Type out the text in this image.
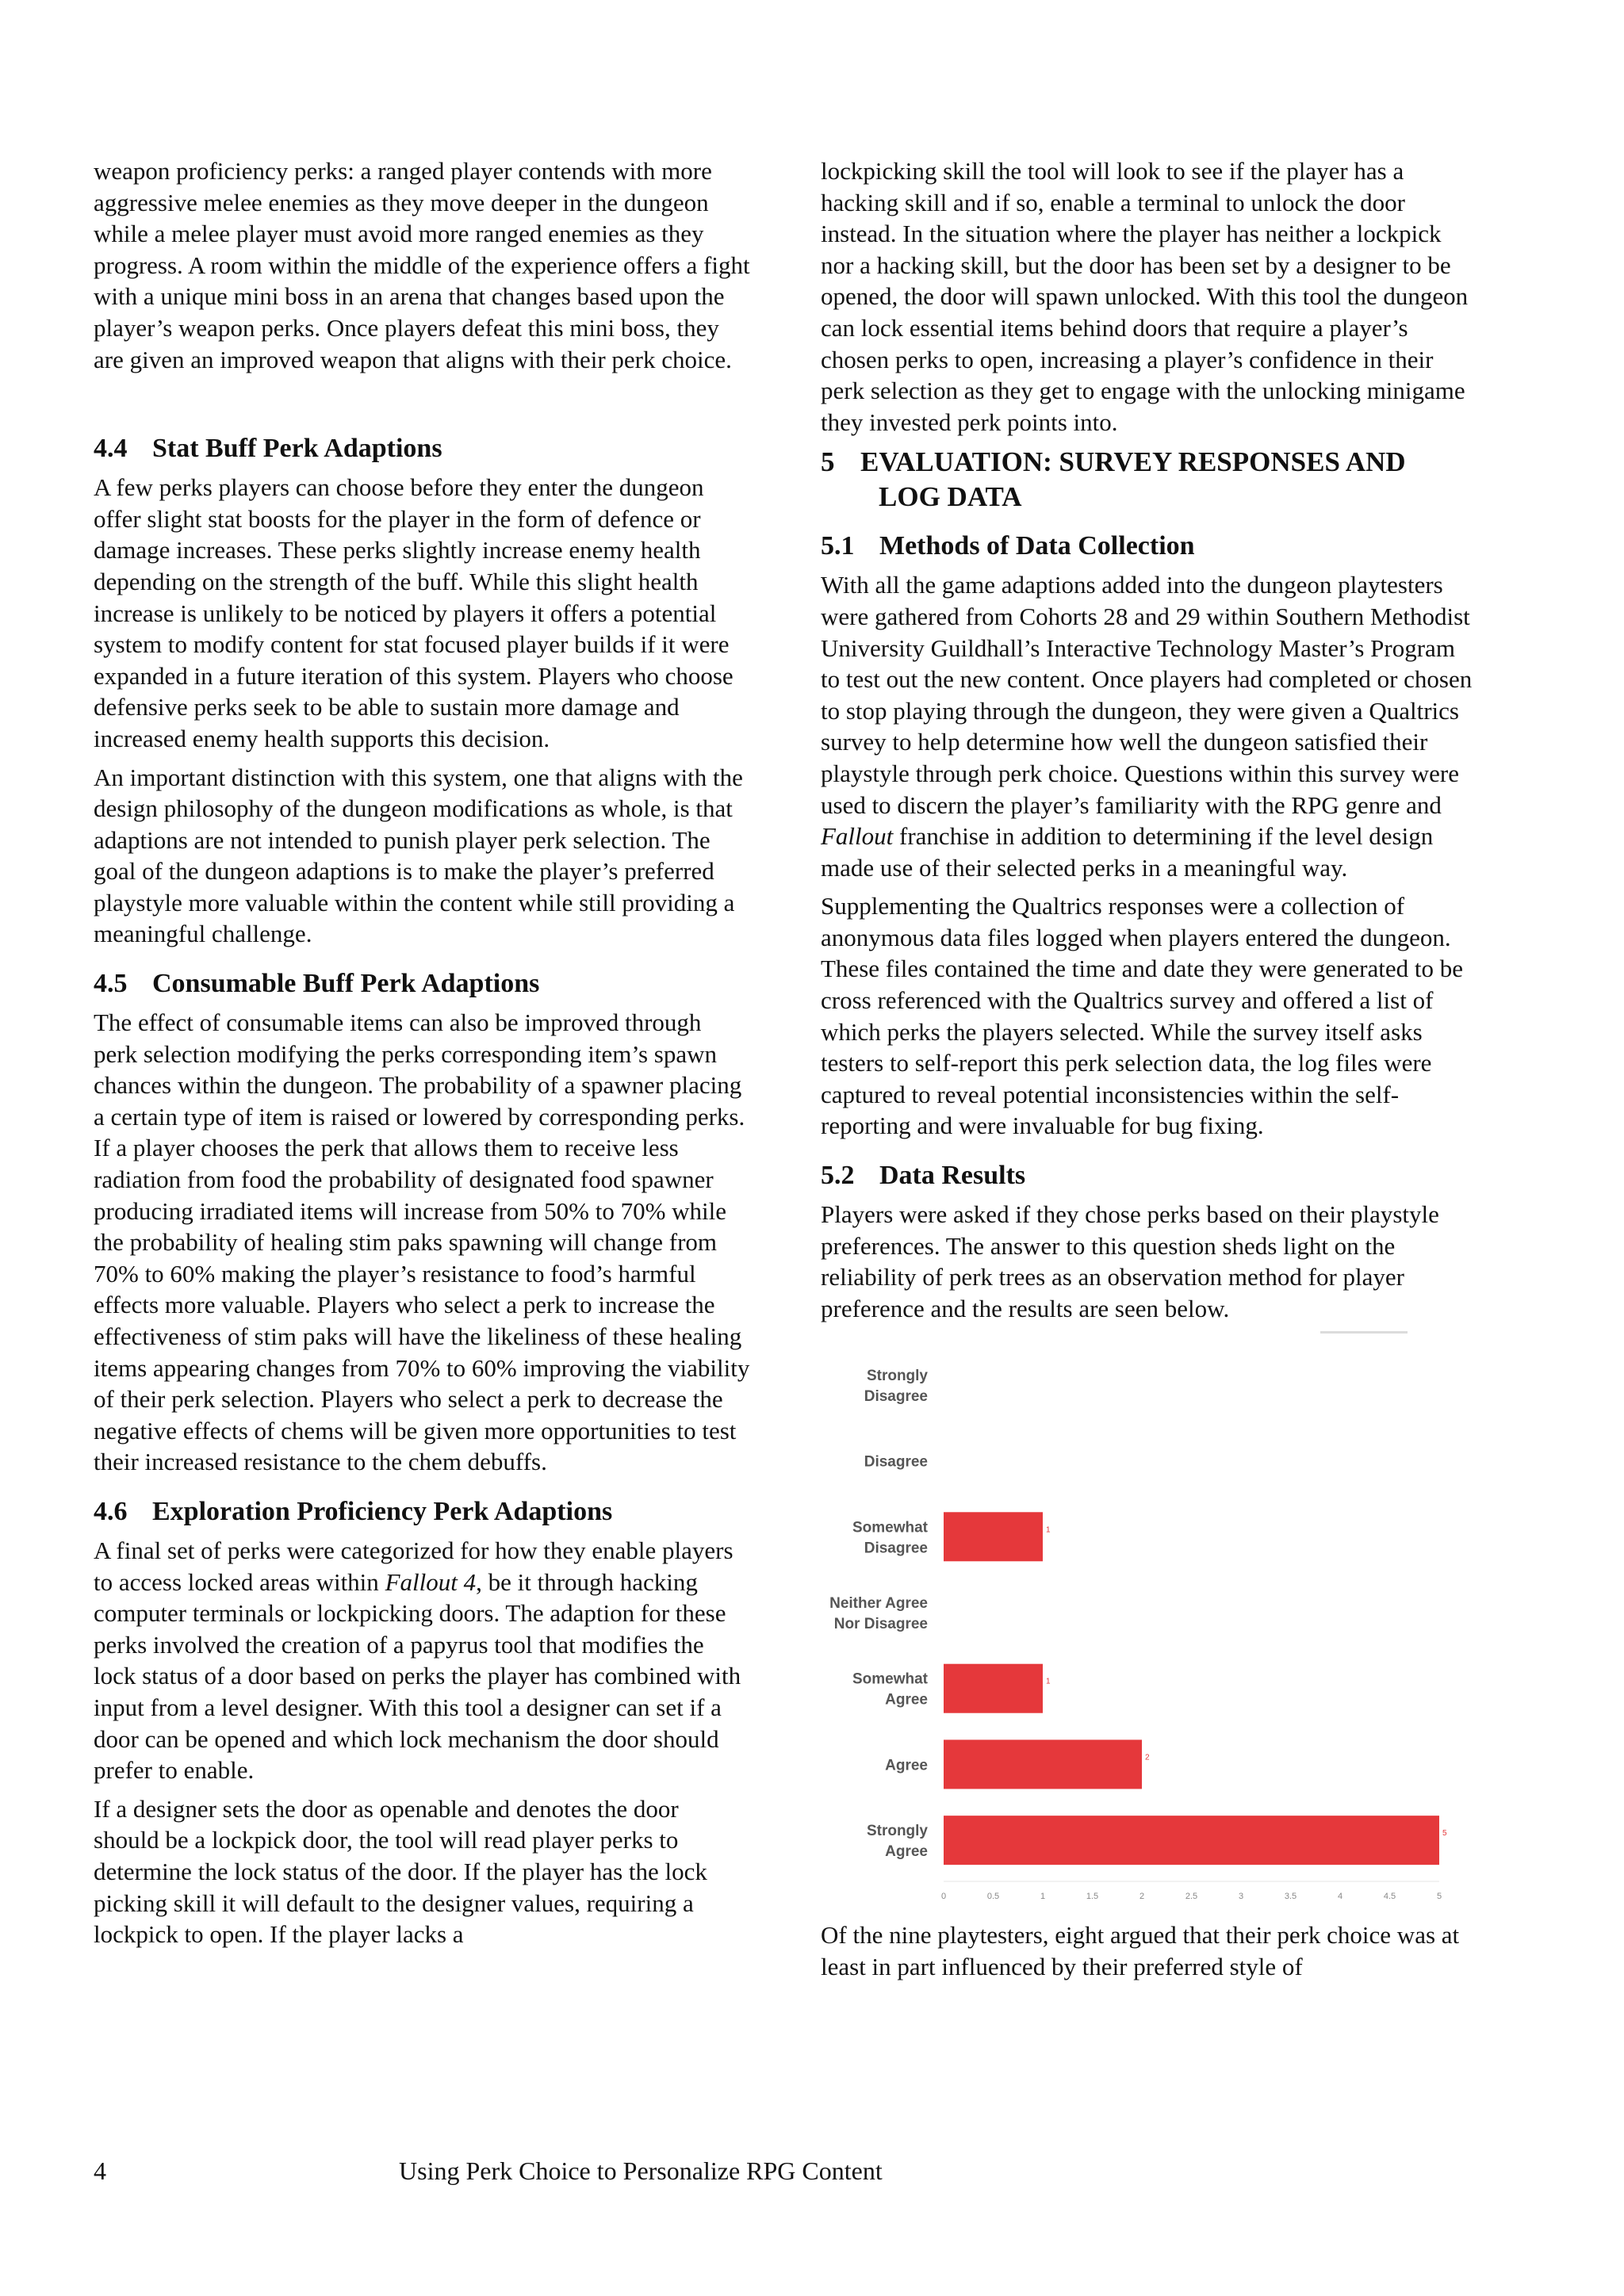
weapon proficiency perks: a ranged player contends with more aggressive melee enemies as they move deeper in the dungeon while a melee player must avoid more ranged enemies as they progress. A room within the middle of the experience offers a fight with a unique mini boss in an arena that changes based upon the player’s weapon perks. Once players defeat this mini boss, they are given an improved weapon that aligns with their perk choice.

4.4 Stat Buff Perk Adaptions

A few perks players can choose before they enter the dungeon offer slight stat boosts for the player in the form of defence or damage increases. These perks slightly increase enemy health depending on the strength of the buff. While this slight health increase is unlikely to be noticed by players it offers a potential system to modify content for stat focused player builds if it were expanded in a future iteration of this system. Players who choose defensive perks seek to be able to sustain more damage and increased enemy health supports this decision.

An important distinction with this system, one that aligns with the design philosophy of the dungeon modifications as whole, is that adaptions are not intended to punish player perk selection. The goal of the dungeon adaptions is to make the player’s preferred playstyle more valuable within the content while still providing a meaningful challenge.

4.5 Consumable Buff Perk Adaptions

The effect of consumable items can also be improved through perk selection modifying the perks corresponding item’s spawn chances within the dungeon. The probability of a spawner placing a certain type of item is raised or lowered by corresponding perks. If a player chooses the perk that allows them to receive less radiation from food the probability of designated food spawner producing irradiated items will increase from 50% to 70% while the probability of healing stim paks spawning will change from 70% to 60% making the player’s resistance to food’s harmful effects more valuable. Players who select a perk to increase the effectiveness of stim paks will have the likeliness of these healing items appearing changes from 70% to 60% improving the viability of their perk selection. Players who select a perk to decrease the negative effects of chems will be given more opportunities to test their increased resistance to the chem debuffs.

4.6 Exploration Proficiency Perk Adaptions

A final set of perks were categorized for how they enable players to access locked areas within Fallout 4, be it through hacking computer terminals or lockpicking doors. The adaption for these perks involved the creation of a papyrus tool that modifies the lock status of a door based on perks the player has combined with input from a level designer. With this tool a designer can set if a door can be opened and which lock mechanism the door should prefer to enable.

If a designer sets the door as openable and denotes the door should be a lockpick door, the tool will read player perks to determine the lock status of the door. If the player has the lock picking skill it will default to the designer values, requiring a lockpick to open. If the player lacks a

lockpicking skill the tool will look to see if the player has a hacking skill and if so, enable a terminal to unlock the door instead. In the situation where the player has neither a lockpick nor a hacking skill, but the door has been set by a designer to be opened, the door will spawn unlocked. With this tool the dungeon can lock essential items behind doors that require a player’s chosen perks to open, increasing a player’s confidence in their perk selection as they get to engage with the unlocking minigame they invested perk points into.

5 EVALUATION: SURVEY RESPONSES AND
LOG DATA
5.1 Methods of Data Collection

With all the game adaptions added into the dungeon playtesters were gathered from Cohorts 28 and 29 within Southern Methodist University Guildhall’s Interactive Technology Master’s Program to test out the new content. Once players had completed or chosen to stop playing through the dungeon, they were given a Qualtrics survey to help determine how well the dungeon satisfied their playstyle through perk choice. Questions within this survey were used to discern the player’s familiarity with the RPG genre and Fallout franchise in addition to determining if the level design made use of their selected perks in a meaningful way.

Supplementing the Qualtrics responses were a collection of anonymous data files logged when players entered the dungeon. These files contained the time and date they were generated to be cross referenced with the Qualtrics survey and offered a list of which perks the players selected. While the survey itself asks testers to self-report this perk selection data, the log files were captured to reveal potential inconsistencies within the self-reporting and were invaluable for bug fixing.

5.2 Data Results

Players were asked if they chose perks based on their playstyle preferences. The answer to this question sheds light on the reliability of perk trees as an observation method for player preference and the results are seen below.

Strongly Disagree
Disagree
Somewhat Disagree
1
Neither Agree Nor Disagree
Somewhat Agree
1
Agree	2
Strongly Agree
5
0	0.5	1	1.5	2	2.5	3	3.5	4	4.5	5

Of the nine playtesters, eight argued that their perk choice was at least in part influenced by their preferred style of

4	Using Perk Choice to Personalize RPG Content
